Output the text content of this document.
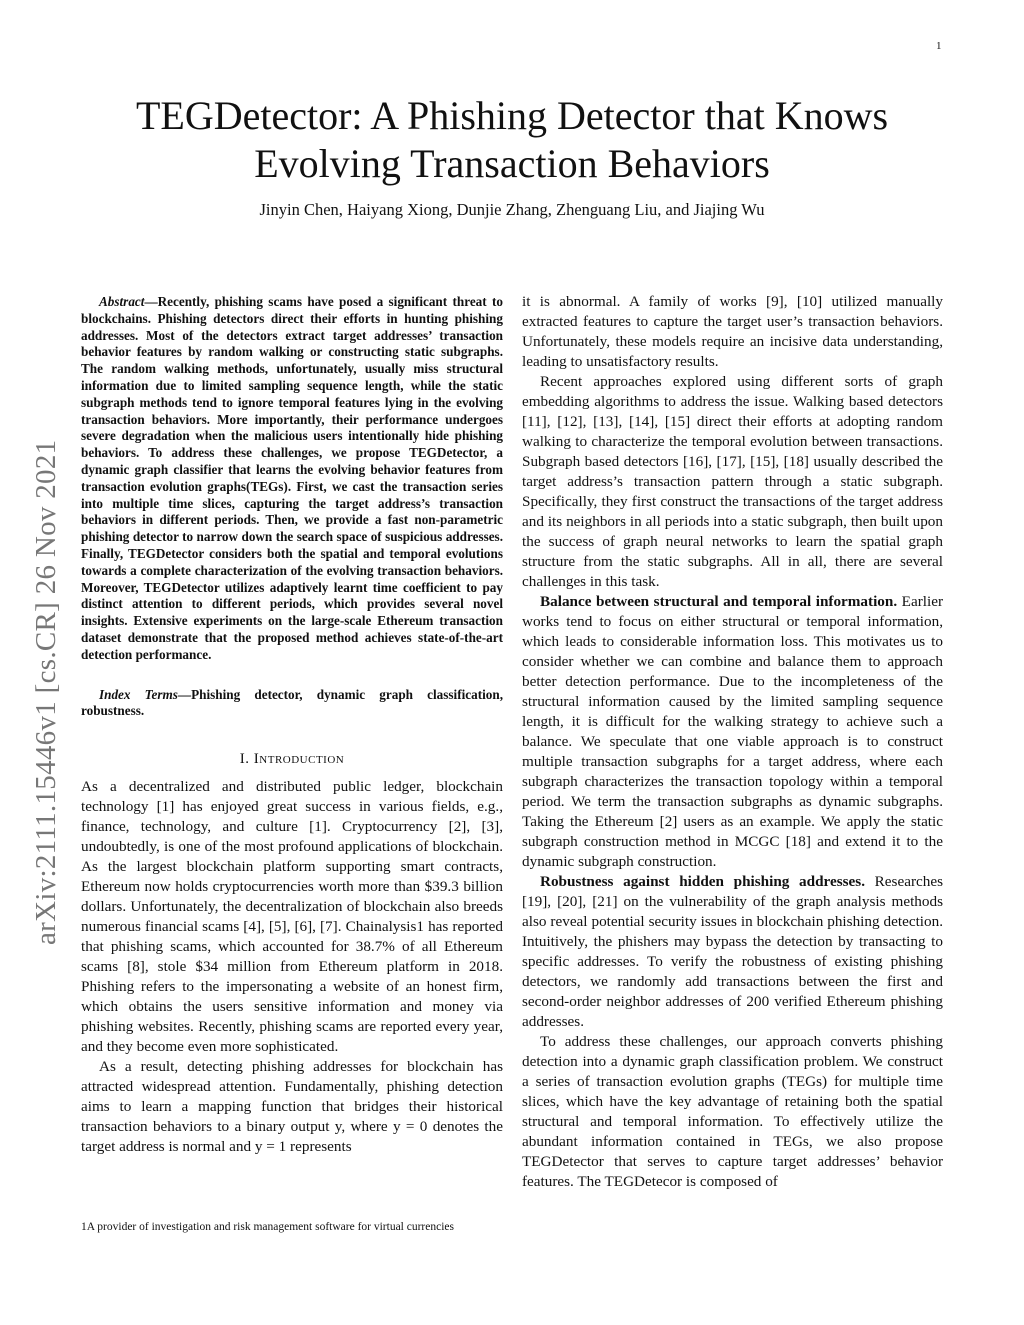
1
arXiv:2111.15446v1 [cs.CR] 26 Nov 2021
TEGDetector: A Phishing Detector that Knows
Evolving Transaction Behaviors
Jinyin Chen, Haiyang Xiong, Dunjie Zhang, Zhenguang Liu, and Jiajing Wu

Abstract—Recently, phishing scams have posed a significant threat to blockchains. Phishing detectors direct their efforts in hunting phishing addresses. Most of the detectors extract target addresses’ transaction behavior features by random walking or constructing static subgraphs. The random walking methods, unfortunately, usually miss structural information due to limited sampling sequence length, while the static subgraph methods tend to ignore temporal features lying in the evolving transaction behaviors. More importantly, their performance undergoes severe degradation when the malicious users intentionally hide phishing behaviors. To address these challenges, we propose TEGDetector, a dynamic graph classifier that learns the evolving behavior features from transaction evolution graphs(TEGs). First, we cast the transaction series into multiple time slices, capturing the target address’s transaction behaviors in different periods. Then, we provide a fast non-parametric phishing detector to narrow down the search space of suspicious addresses. Finally, TEGDetector considers both the spatial and temporal evolutions towards a complete characterization of the evolving transaction behaviors. Moreover, TEGDetector utilizes adaptively learnt time coefficient to pay distinct attention to different periods, which provides several novel insights. Extensive experiments on the large-scale Ethereum transaction dataset demonstrate that the proposed method achieves state-of-the-art detection performance.

Index Terms—Phishing detector, dynamic graph classification, robustness.

I. Introduction

As a decentralized and distributed public ledger, blockchain technology [1] has enjoyed great success in various fields, e.g., finance, technology, and culture [1]. Cryptocurrency [2], [3], undoubtedly, is one of the most profound applications of blockchain. As the largest blockchain platform supporting smart contracts, Ethereum now holds cryptocurrencies worth more than $39.3 billion dollars. Unfortunately, the decentralization of blockchain also breeds numerous financial scams [4], [5], [6], [7]. Chainalysis1 has reported that phishing scams, which accounted for 38.7% of all Ethereum scams [8], stole $34 million from Ethereum platform in 2018. Phishing refers to the impersonating a website of an honest firm, which obtains the users sensitive information and money via phishing websites. Recently, phishing scams are reported every year, and they become even more sophisticated.

As a result, detecting phishing addresses for blockchain has attracted widespread attention. Fundamentally, phishing detection aims to learn a mapping function that bridges their historical transaction behaviors to a binary output y, where y = 0 denotes the target address is normal and y = 1 represents

1A provider of investigation and risk management software for virtual currencies

it is abnormal. A family of works [9], [10] utilized manually extracted features to capture the target user’s transaction behaviors. Unfortunately, these models require an incisive data understanding, leading to unsatisfactory results.

Recent approaches explored using different sorts of graph embedding algorithms to address the issue. Walking based detectors [11], [12], [13], [14], [15] direct their efforts at adopting random walking to characterize the temporal evolution between transactions. Subgraph based detectors [16], [17], [15], [18] usually described the target address’s transaction pattern through a static subgraph. Specifically, they first construct the transactions of the target address and its neighbors in all periods into a static subgraph, then built upon the success of graph neural networks to learn the spatial graph structure from the static subgraphs. All in all, there are several challenges in this task.

Balance between structural and temporal information. Earlier works tend to focus on either structural or temporal information, which leads to considerable information loss. This motivates us to consider whether we can combine and balance them to approach better detection performance. Due to the incompleteness of the structural information caused by the limited sampling sequence length, it is difficult for the walking strategy to achieve such a balance. We speculate that one viable approach is to construct multiple transaction subgraphs for a target address, where each subgraph characterizes the transaction topology within a temporal period. We term the transaction subgraphs as dynamic subgraphs. Taking the Ethereum [2] users as an example. We apply the static subgraph construction method in MCGC [18] and extend it to the dynamic subgraph construction.

Robustness against hidden phishing addresses. Researches [19], [20], [21] on the vulnerability of the graph analysis methods also reveal potential security issues in blockchain phishing detection. Intuitively, the phishers may bypass the detection by transacting to specific addresses. To verify the robustness of existing phishing detectors, we randomly add transactions between the first and second-order neighbor addresses of 200 verified Ethereum phishing addresses.

To address these challenges, our approach converts phishing detection into a dynamic graph classification problem. We construct a series of transaction evolution graphs (TEGs) for multiple time slices, which have the key advantage of retaining both the spatial structural and temporal information. To effectively utilize the abundant information contained in TEGs, we also propose TEGDetector that serves to capture target addresses’ behavior features. The TEGDetecor is composed of
